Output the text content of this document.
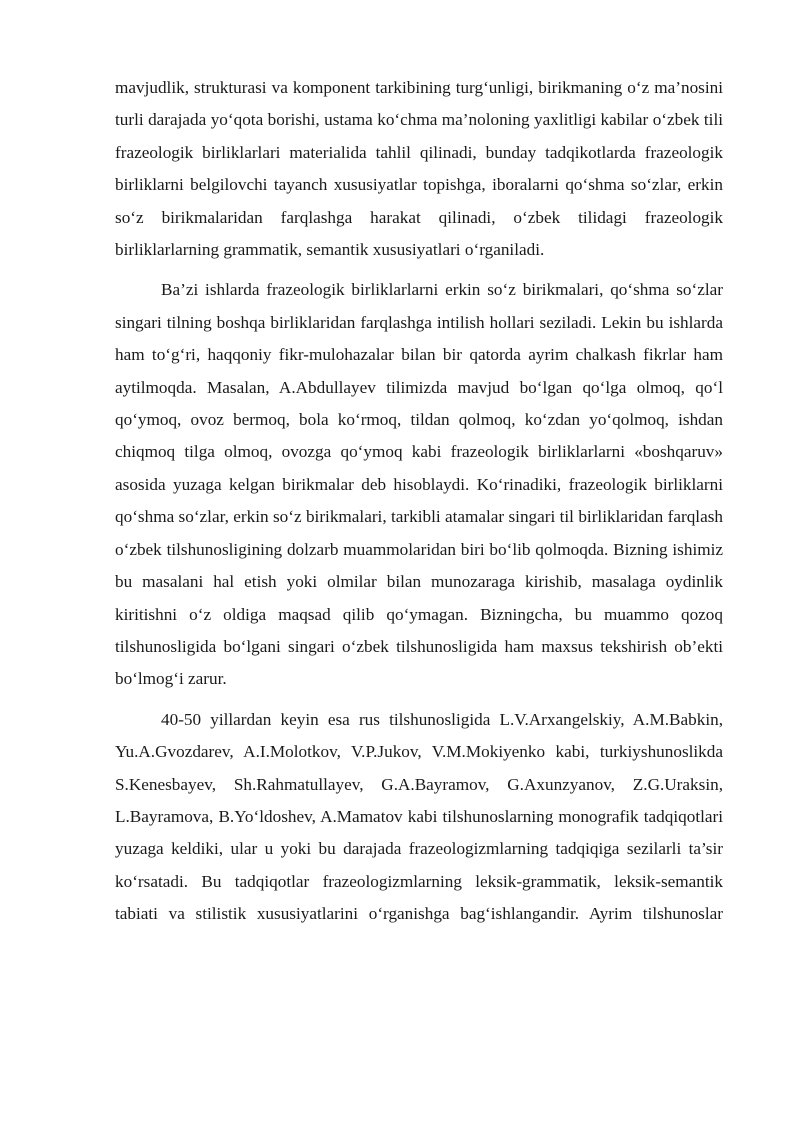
mavjudlik, strukturasi va komponent tarkibining turg‘unligi, birikmaning o‘z ma’nosini turli darajada yo‘qota borishi, ustama ko‘chma ma’noloning yaxlitligi kabilar o‘zbek tili frazeologik birliklarlari materialida tahlil qilinadi, bunday tadqikotlarda frazeologik birliklarni belgilovchi tayanch xususiyatlar topishga, iboralarni qo‘shma so‘zlar, erkin so‘z birikmalaridan farqlashga harakat qilinadi, o‘zbek tilidagi frazeologik birliklarlarning grammatik, semantik xususiyatlari o‘rganiladi.

Ba’zi ishlarda frazeologik birliklarlarni erkin so‘z birikmalari, qo‘shma so‘zlar singari tilning boshqa birliklaridan farqlashga intilish hollari seziladi. Lekin bu ishlarda ham to‘g‘ri, haqqoniy fikr-mulohazalar bilan bir qatorda ayrim chalkash fikrlar ham aytilmoqda. Masalan, A.Abdullayev tilimizda mavjud bo‘lgan qo‘lga olmoq, qo‘l qo‘ymoq, ovoz bermoq, bola ko‘rmoq, tildan qolmoq, ko‘zdan yo‘qolmoq, ishdan chiqmoq tilga olmoq, ovozga qo‘ymoq kabi frazeologik birliklarlarni «boshqaruv» asosida yuzaga kelgan birikmalar deb hisoblaydi. Ko‘rinadiki, frazeologik birliklarni qo‘shma so‘zlar, erkin so‘z birikmalari, tarkibli atamalar singari til birliklaridan farqlash o‘zbek tilshunosligining dolzarb muammolaridan biri bo‘lib qolmoqda. Bizning ishimiz bu masalani hal etish yoki olmilar bilan munozaraga kirishib, masalaga oydinlik kiritishni o‘z oldiga maqsad qilib qo‘ymagan. Bizningcha, bu muammo qozoq tilshunosligida bo‘lgani singari o‘zbek tilshunosligida ham maxsus tekshirish ob’ekti bo‘lmog‘i zarur.

40-50 yillardan keyin esa rus tilshunosligida L.V.Arxangelskiy, A.M.Babkin, Yu.A.Gvozdarev, A.I.Molotkov, V.P.Jukov, V.M.Mokiyenko kabi, turkiyshunoslikda S.Kenesbayev, Sh.Rahmatullayev, G.A.Bayramov, G.Axunzyanov, Z.G.Uraksin, L.Bayramova, B.Yo‘ldoshev, A.Mamatov kabi tilshunoslarning monografik tadqiqotlari yuzaga keldiki, ular u yoki bu darajada frazeologizmlarning tadqiqiga sezilarli ta’sir ko‘rsatadi. Bu tadqiqotlar frazeologizmlarning leksik-grammatik, leksik-semantik tabiati va stilistik xususiyatlarini o‘rganishga bag‘ishlangandir. Ayrim tilshunoslar
